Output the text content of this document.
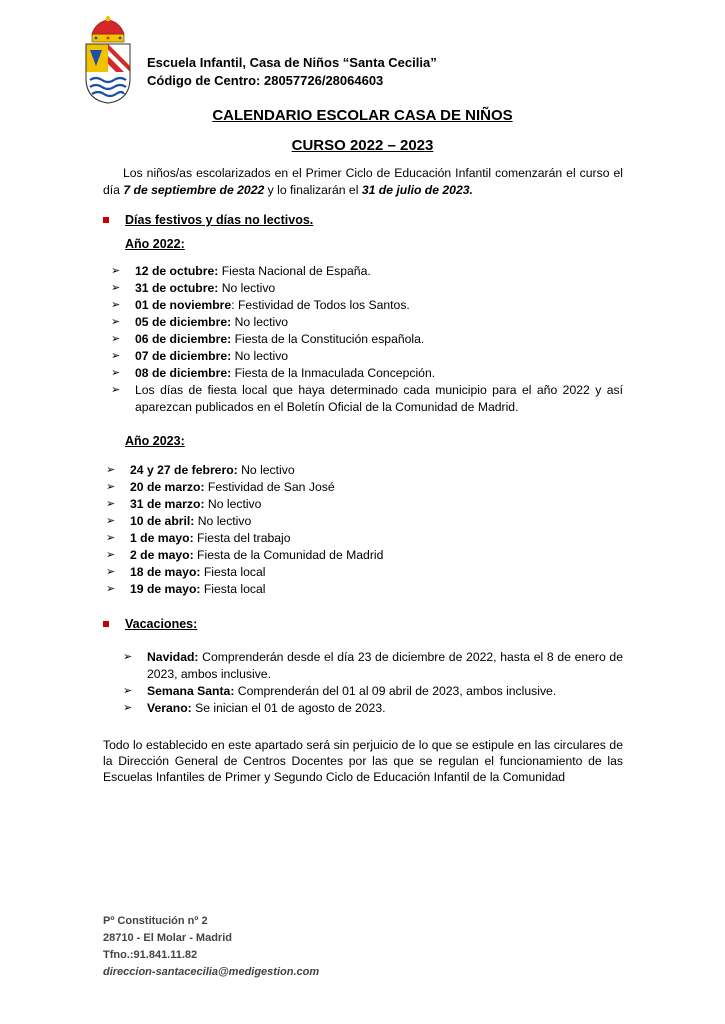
Escuela Infantil, Casa de Niños “Santa Cecilia”
Código de Centro: 28057726/28064603
CALENDARIO ESCOLAR CASA DE NIÑOS
CURSO 2022 – 2023

Los niños/as escolarizados en el Primer Ciclo de Educación Infantil comenzarán el curso el día 7 de septiembre de 2022 y lo finalizarán el 31 de julio de 2023.

Días festivos y días no lectivos.
Año 2022:
➢ 12 de octubre: Fiesta Nacional de España.
➢ 31 de octubre: No lectivo
➢ 01 de noviembre: Festividad de Todos los Santos.
➢ 05 de diciembre: No lectivo
➢ 06 de diciembre: Fiesta de la Constitución española.
➢ 07 de diciembre: No lectivo
➢ 08 de diciembre: Fiesta de la Inmaculada Concepción.
➢ Los días de fiesta local que haya determinado cada municipio para el año 2022 y así aparezcan publicados en el Boletín Oficial de la Comunidad de Madrid.
Año 2023:
➢ 24 y 27 de febrero: No lectivo
➢ 20 de marzo: Festividad de San José
➢ 31 de marzo: No lectivo
➢ 10 de abril: No lectivo
➢ 1 de mayo: Fiesta del trabajo
➢ 2 de mayo: Fiesta de la Comunidad de Madrid
➢ 18 de mayo: Fiesta local
➢ 19 de mayo: Fiesta local
Vacaciones:
➢ Navidad: Comprenderán desde el día 23 de diciembre de 2022, hasta el 8 de enero de 2023, ambos inclusive.
➢ Semana Santa: Comprenderán del 01 al 09 abril de 2023, ambos inclusive.
➢ Verano: Se inician el 01 de agosto de 2023.

Todo lo establecido en este apartado será sin perjuicio de lo que se estipule en las circulares de la Dirección General de Centros Docentes por las que se regulan el funcionamiento de las Escuelas Infantiles de Primer y Segundo Ciclo de Educación Infantil de la Comunidad

Pº Constitución nº 2
28710 - El Molar - Madrid
Tfno.:91.841.11.82
direccion-santacecilia@medigestion.com
